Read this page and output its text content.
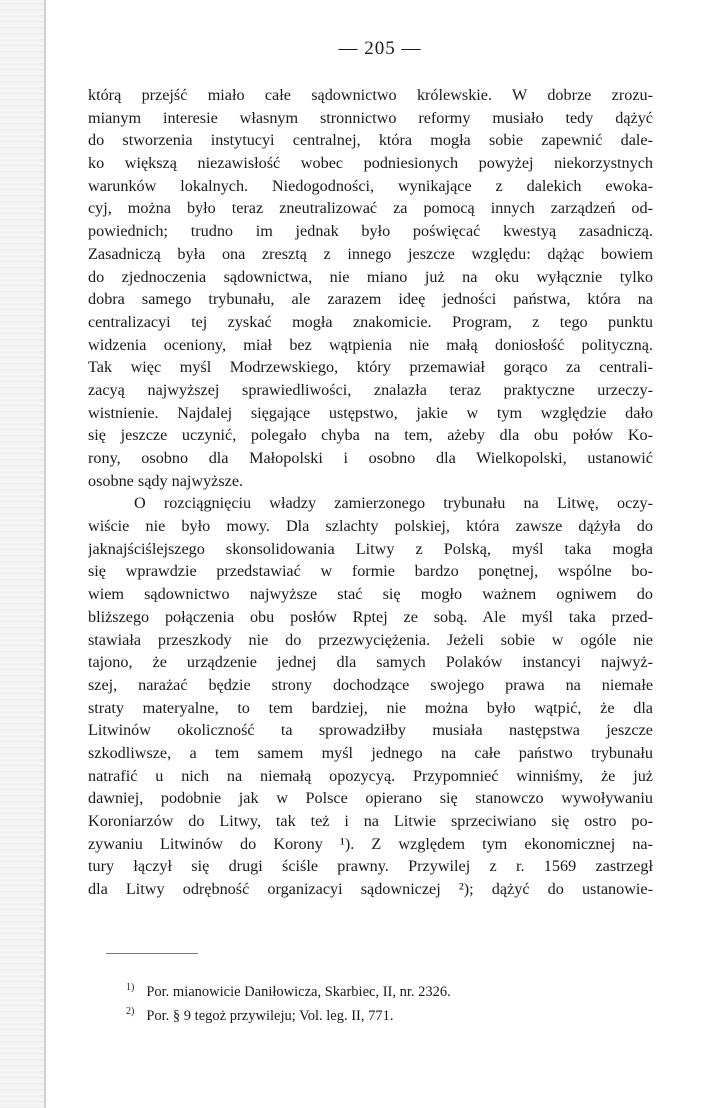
— 205 —
którą przejść miało całe sądownictwo królewskie. W dobrze zrozu-
mianym interesie własnym stronnictwo reformy musiało tedy dążyć
do stworzenia instytucyi centralnej, która mogła sobie zapewnić dale-
ko większą niezawisłość wobec podniesionych powyżej niekorzystnych
warunków lokalnych. Niedogodności, wynikające z dalekich ewoka-
cyj, można było teraz zneutralizować za pomocą innych zarządzeń od-
powiednich; trudno im jednak było poświęcać kwestyą zasadniczą.
Zasadniczą była ona zresztą z innego jeszcze względu: dążąc bowiem
do zjednoczenia sądownictwa, nie miano już na oku wyłącznie tylko
dobra samego trybunału, ale zarazem ideę jedności państwa, która na
centralizacyi tej zyskać mogła znakomicie. Program, z tego punktu
widzenia oceniony, miał bez wątpienia nie małą doniosłość polityczną.
Tak więc myśl Modrzewskiego, który przemawiał gorąco za centrali-
zacyą najwyższej sprawiedliwości, znalazła teraz praktyczne urzeczy-
wistnienie. Najdalej sięgające ustępstwo, jakie w tym względzie dało
się jeszcze uczynić, polegało chyba na tem, ażeby dla obu połów Ko-
rony, osobno dla Małopolski i osobno dla Wielkopolski, ustanowić
osobne sądy najwyższe.
O rozciągnięciu władzy zamierzonego trybunału na Litwę, oczy-
wiście nie było mowy. Dla szlachty polskiej, która zawsze dążyła do
jaknajściślejszego skonsolidowania Litwy z Polską, myśl taka mogła
się wprawdzie przedstawiać w formie bardzo ponętnej, wspólne bo-
wiem sądownictwo najwyższe stać się mogło ważnem ogniwem do
bliższego połączenia obu posłów Rptej ze sobą. Ale myśl taka przed-
stawiała przeszkody nie do przezwyciężenia. Jeżeli sobie w ogóle nie
tajono, że urządzenie jednej dla samych Polaków instancyi najwyż-
szej, narażać będzie strony dochodzące swojego prawa na niemałe
straty materyalne, to tem bardziej, nie można było wątpić, że dla
Litwinów okoliczność ta sprowadziłby musiała następstwa jeszcze
szkodliwsze, a tem samem myśl jednego na całe państwo trybunału
natrafić u nich na niemałą opozycyą. Przypomnieć winniśmy, że już
dawniej, podobnie jak w Polsce opierano się stanowczo wywoływaniu
Koroniarzów do Litwy, tak też i na Litwie sprzeciwiano się ostro po-
zywaniu Litwinów do Korony ¹). Z względem tym ekonomicznej na-
tury łączył się drugi ściśle prawny. Przywilej z r. 1569 zastrzegł
dla Litwy odrębność organizacyi sądowniczej ²); dążyć do ustanowie-
$^{1)}$ Por. mianowicie Daniłowicza, Skarbiec, II, nr. 2326.
$^{2)}$ Por. § 9 tegoż przywileju; Vol. leg. II, 771.
